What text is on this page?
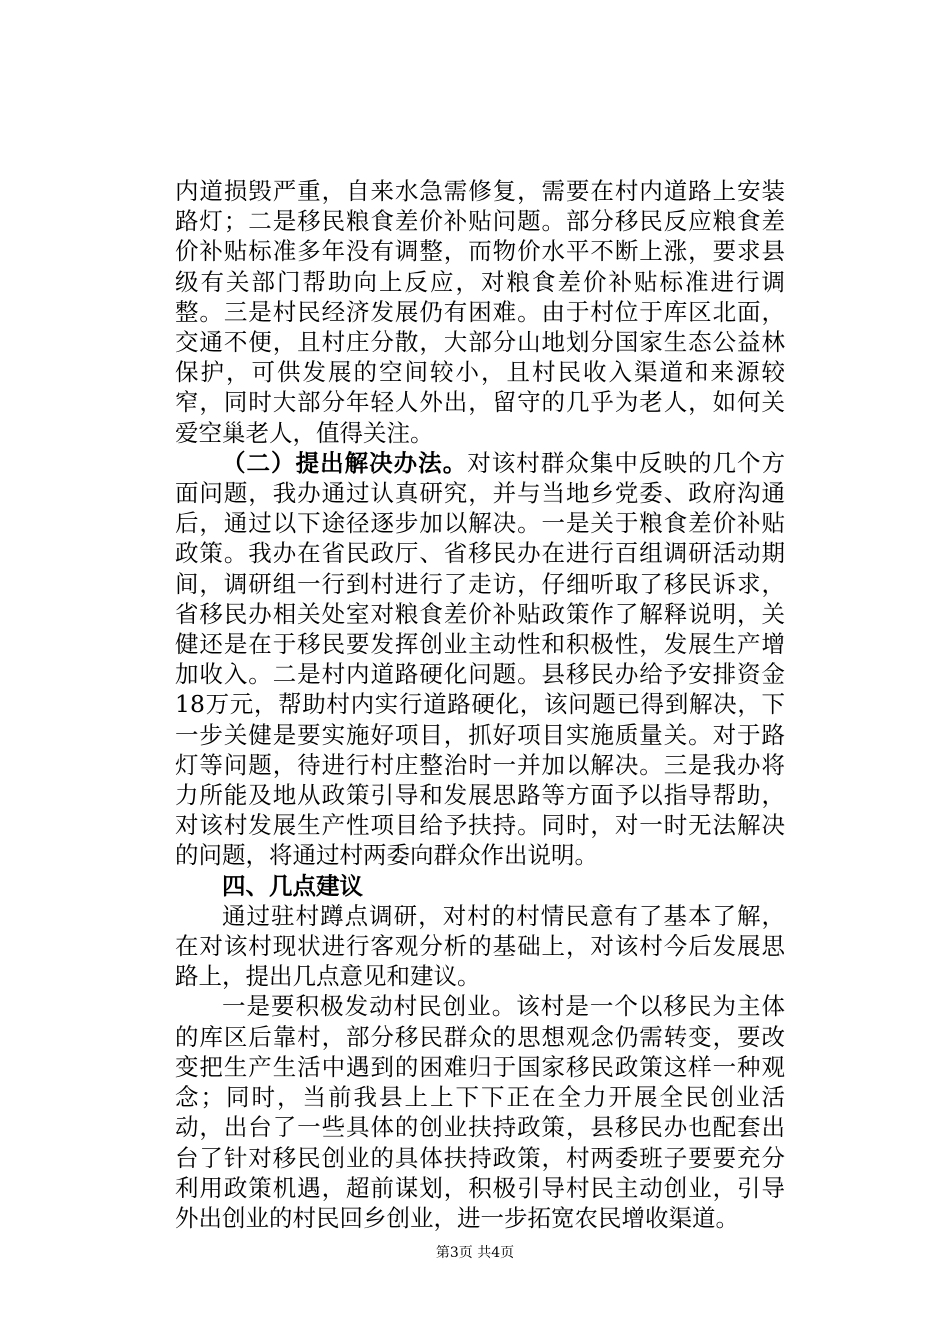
内道损毁严重，自来水急需修复，需要在村内道路上安装路灯；二是移民粮食差价补贴问题。部分移民反应粮食差价补贴标准多年没有调整，而物价水平不断上涨，要求县级有关部门帮助向上反应，对粮食差价补贴标准进行调整。三是村民经济发展仍有困难。由于村位于库区北面，交通不便，且村庄分散，大部分山地划分国家生态公益林保护，可供发展的空间较小，且村民收入渠道和来源较窄，同时大部分年轻人外出，留守的几乎为老人，如何关爱空巢老人，值得关注。

（二）提出解决办法。对该村群众集中反映的几个方面问题，我办通过认真研究，并与当地乡党委、政府沟通后，通过以下途径逐步加以解决。一是关于粮食差价补贴政策。我办在省民政厅、省移民办在进行百组调研活动期间，调研组一行到村进行了走访，仔细听取了移民诉求，省移民办相关处室对粮食差价补贴政策作了解释说明，关健还是在于移民要发挥创业主动性和积极性，发展生产增加收入。二是村内道路硬化问题。县移民办给予安排资金18万元，帮助村内实行道路硬化，该问题已得到解决，下一步关健是要实施好项目，抓好项目实施质量关。对于路灯等问题，待进行村庄整治时一并加以解决。三是我办将力所能及地从政策引导和发展思路等方面予以指导帮助，对该村发展生产性项目给予扶持。同时，对一时无法解决的问题，将通过村两委向群众作出说明。

四、几点建议

通过驻村蹲点调研，对村的村情民意有了基本了解，在对该村现状进行客观分析的基础上，对该村今后发展思路上，提出几点意见和建议。

一是要积极发动村民创业。该村是一个以移民为主体的库区后靠村，部分移民群众的思想观念仍需转变，要改变把生产生活中遇到的困难归于国家移民政策这样一种观念；同时，当前我县上上下下正在全力开展全民创业活动，出台了一些具体的创业扶持政策，县移民办也配套出台了针对移民创业的具体扶持政策，村两委班子要要充分利用政策机遇，超前谋划，积极引导村民主动创业，引导外出创业的村民回乡创业，进一步拓宽农民增收渠道。

第3页 共4页
